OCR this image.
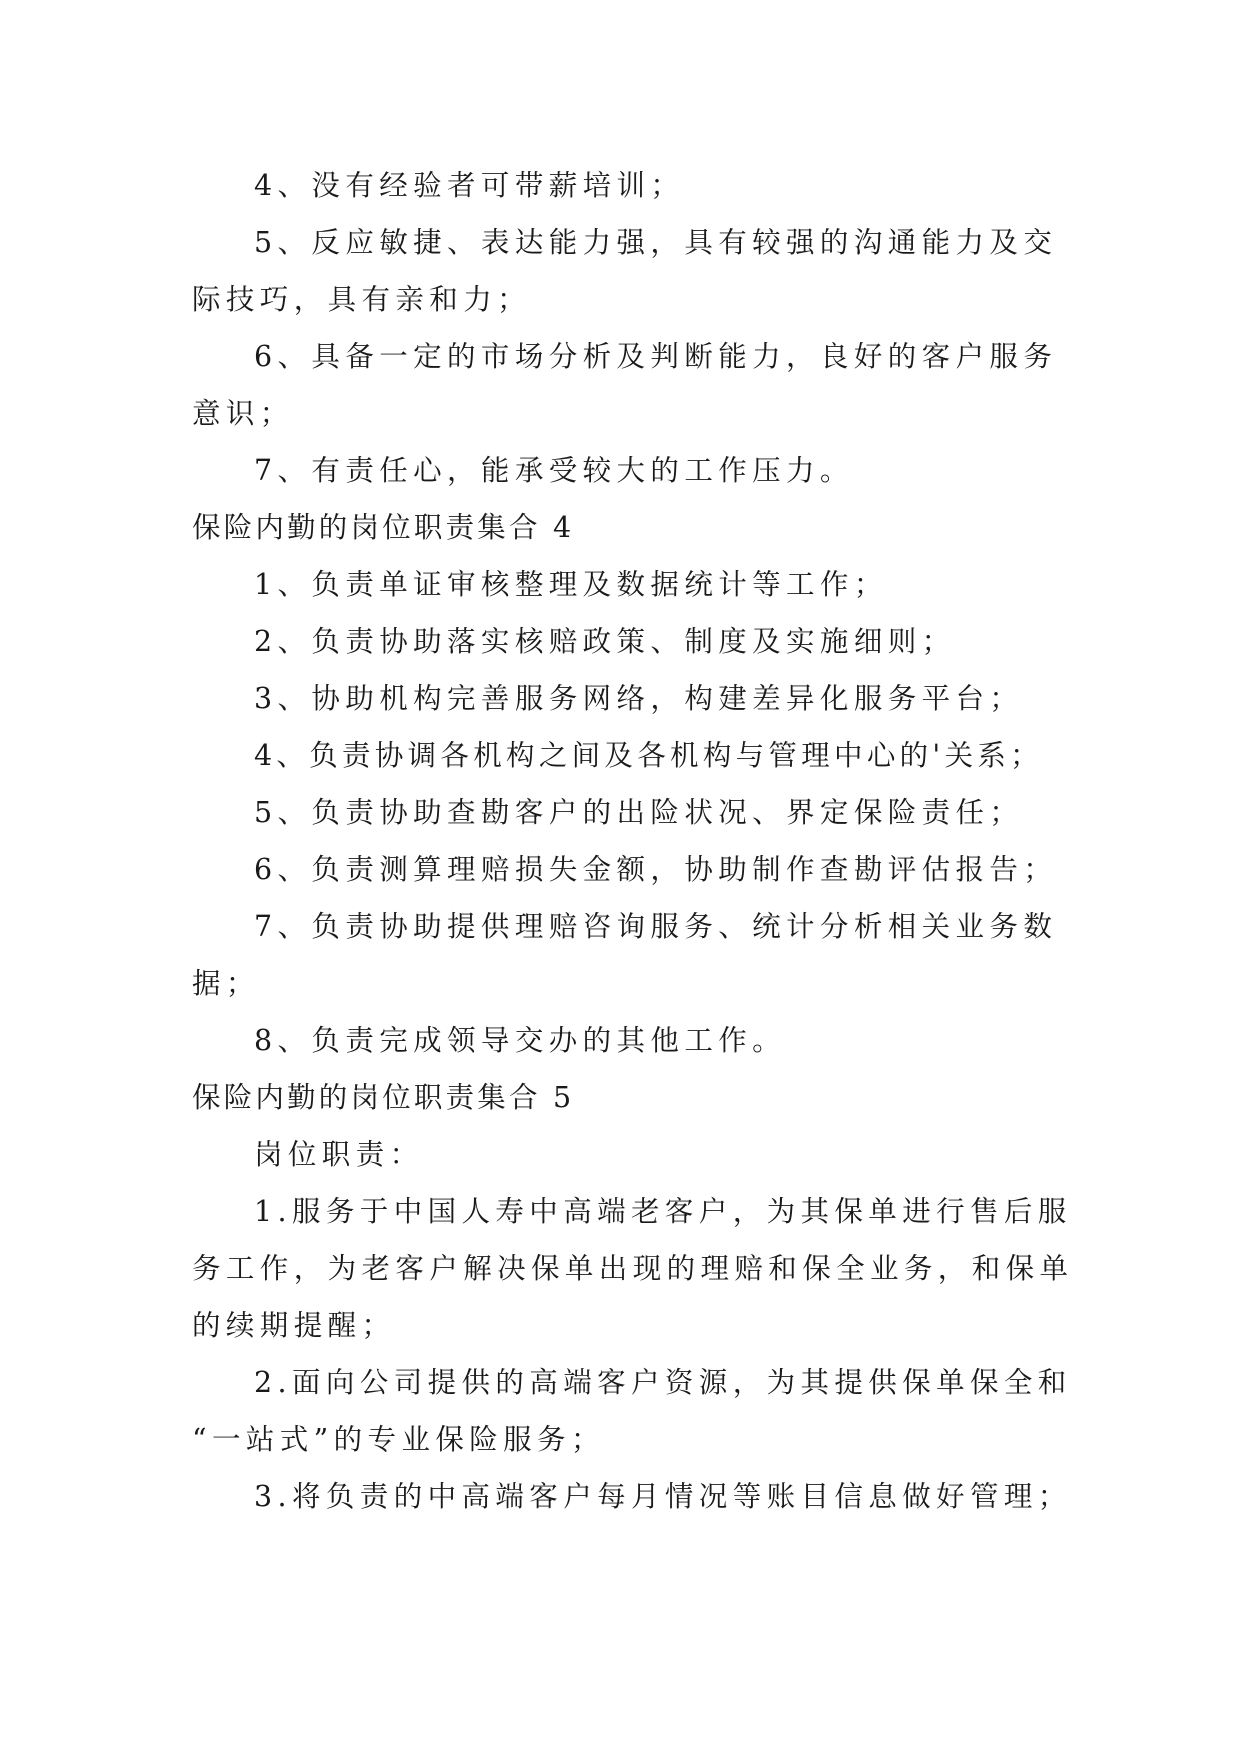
4、没有经验者可带薪培训；
5、反应敏捷、表达能力强，具有较强的沟通能力及交
际技巧，具有亲和力；
6、具备一定的市场分析及判断能力，良好的客户服务
意识；
7、有责任心，能承受较大的工作压力。
保险内勤的岗位职责集合 4
1、负责单证审核整理及数据统计等工作；
2、负责协助落实核赔政策、制度及实施细则；
3、协助机构完善服务网络，构建差异化服务平台；
4、负责协调各机构之间及各机构与管理中心的'关系；
5、负责协助查勘客户的出险状况、界定保险责任；
6、负责测算理赔损失金额，协助制作查勘评估报告；
7、负责协助提供理赔咨询服务、统计分析相关业务数
据；
8、负责完成领导交办的其他工作。
保险内勤的岗位职责集合 5
岗位职责：
1.服务于中国人寿中高端老客户，为其保单进行售后服
务工作，为老客户解决保单出现的理赔和保全业务，和保单
的续期提醒；
2.面向公司提供的高端客户资源，为其提供保单保全和
“一站式”的专业保险服务；
3.将负责的中高端客户每月情况等账目信息做好管理；
